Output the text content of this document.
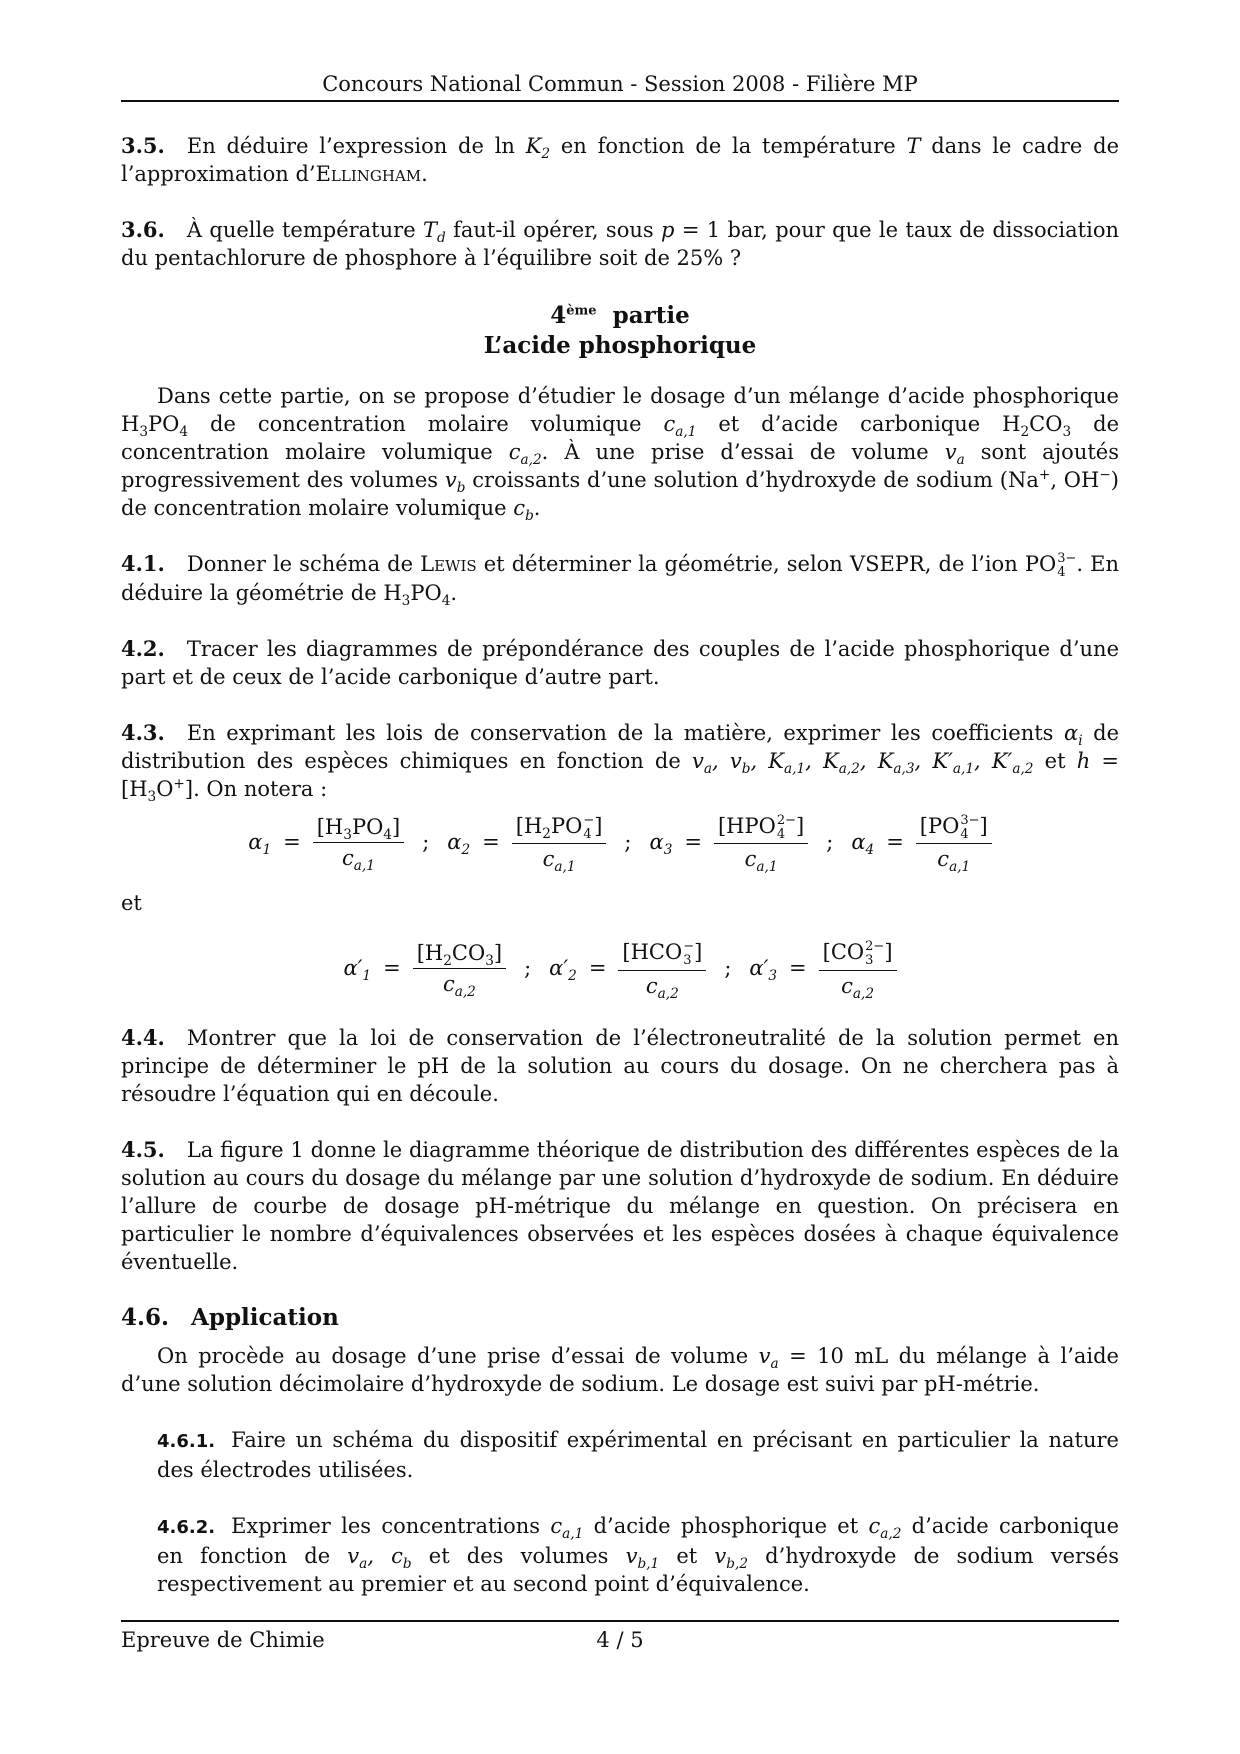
Concours National Commun - Session 2008 - Filière MP

3.5. En déduire l’expression de $\ln K_2$ en fonction de la température T dans le cadre de l’approximation d’Ellingham.

3.6. À quelle température $T_d$ faut-il opérer, sous p = 1 bar, pour que le taux de dissociation du pentachlorure de phosphore à l’équilibre soit de 25% ?

4ème partie
L’acide phosphorique

Dans cette partie, on se propose d’étudier le dosage d’un mélange d’acide phosphorique $H_3PO_4$ de concentration molaire volumique $c_{a,1}$ et d’acide carbonique $H_2CO_3$ de concentration molaire volumique $c_{a,2}$. À une prise d’essai de volume $v_a$ sont ajoutés progressivement des volumes $v_b$ croissants d’une solution d’hydroxyde de sodium (Na+, OH−) de concentration molaire volumique $c_b$.

4.1. Donner le schéma de Lewis et déterminer la géométrie, selon VSEPR, de l’ion PO 3−
4 . En déduire la géométrie de $H_3PO_4$.

4.2. Tracer les diagrammes de prépondérance des couples de l’acide phosphorique d’une part et de ceux de l’acide carbonique d’autre part.

4.3. En exprimant les lois de conservation de la matière, exprimer les coefficients $\alpha_i$ de distribution des espèces chimiques en fonction de $v_a$, $v_b$, $K_{a,1}$, $K_{a,2}$, $K_{a,3}$, $K'_{a,1}$, $K'_{a,2}$ et $h = [H_3O^+]$. On notera :

$\alpha_1 = \frac{[H_3PO_4]}{c_{a,1}}$ ; $\alpha_2 = [H_2PO$ −
4 ]
$c_{a,1}$ ; $\alpha_3 = [HPO$ 2−
4 ]
$c_{a,1}$ ; $\alpha_4 = [PO$ 3−
4 ]
$c_{a,1}$

et

$\alpha'_1 = \frac{[H_2CO_3]}{c_{a,2}}$ ; $\alpha'_2 = [HCO$ −
3 ]
$c_{a,2}$ ; $\alpha'_3 = [CO$ 2−
3 ]
$c_{a,2}$

4.4. Montrer que la loi de conservation de l’électroneutralité de la solution permet en principe de déterminer le pH de la solution au cours du dosage. On ne cherchera pas à résoudre l’équation qui en découle.

4.5. La figure 1 donne le diagramme théorique de distribution des différentes espèces de la solution au cours du dosage du mélange par une solution d’hydroxyde de sodium. En déduire l’allure de courbe de dosage pH-métrique du mélange en question. On précisera en particulier le nombre d’équivalences observées et les espèces dosées à chaque équivalence éventuelle.

4.6. Application

On procède au dosage d’une prise d’essai de volume $v_a = 10$ mL du mélange à l’aide d’une solution décimolaire d’hydroxyde de sodium. Le dosage est suivi par pH-métrie.

4.6.1. Faire un schéma du dispositif expérimental en précisant en particulier la nature des électrodes utilisées.

4.6.2. Exprimer les concentrations $c_{a,1}$ d’acide phosphorique et $c_{a,2}$ d’acide carbonique en fonction de $v_a$, $c_b$ et des volumes $v_{b,1}$ et $v_{b,2}$ d’hydroxyde de sodium versés respectivement au premier et au second point d’équivalence.

4 / 5
Epreuve de Chimie
